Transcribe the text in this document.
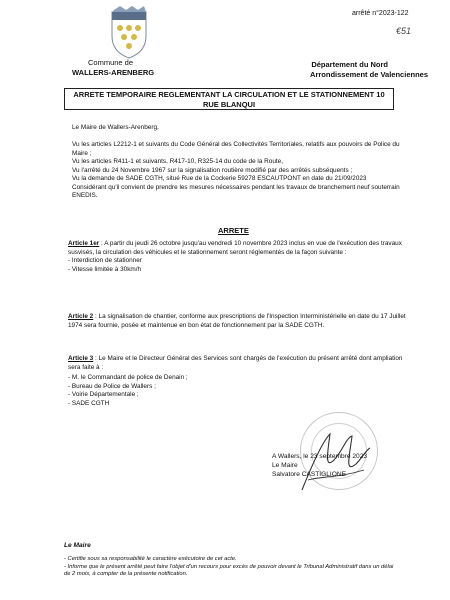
arrêté n°2023-122
€51
Commune de
WALLERS-ARENBERG
Département du Nord
Arrondissement de Valenciennes
ARRETE TEMPORAIRE REGLEMENTANT LA CIRCULATION ET LE STATIONNEMENT 10 RUE BLANQUI
Le Maire de Wallers-Arenberg,
Vu les articles L2212-1 et suivants du Code Général des Collectivités Territoriales, relatifs aux pouvoirs de Police du Maire ;
Vu les articles R411-1 et suivants, R417-10, R325-14 du code de la Route,
Vu l'arrêté du 24 Novembre 1967 sur la signalisation routière modifié par des arrêtés subséquents ;
Vu la demande de SADE CGTH, situé Rue de la Cockerie 59278 ESCAUTPONT en date du 21/09/2023
Considérant qu'il convient de prendre les mesures nécessaires pendant les travaux de branchement neuf souterrain ENEDIS.
ARRETE
Article 1er : A partir du jeudi 26 octobre jusqu'au vendredi 10 novembre 2023 inclus en vue de l'exécution des travaux susvisés, la circulation des véhicules et le stationnement seront réglementés de la façon suivante :
- Interdiction de stationner
- Vitesse limitée à 30km/h
Article 2 : La signalisation de chantier, conforme aux prescriptions de l'Inspection Interministérielle en date du 17 Juillet 1974 sera fournie, posée et maintenue en bon état de fonctionnement par la SADE CGTH.
Article 3 : Le Maire et le Directeur Général des Services sont chargés de l'exécution du présent arrêté dont ampliation sera faite à :
- M. le Commandant de police de Denain ;
- Bureau de Police de Wallers ;
- Voirie Départementale ;
- SADE CGTH
A Wallers, le 23 septembre 2023
Le Maire
Salvatore CASTIGLIONE
Le Maire
- Certifie sous sa responsabilité le caractère exécutoire de cet acte.
- Informe que le présent arrêté peut faire l'objet d'un recours pour excès de pouvoir devant le Tribunal Administratif dans un délai de 2 mois, à compter de la présente notification.
